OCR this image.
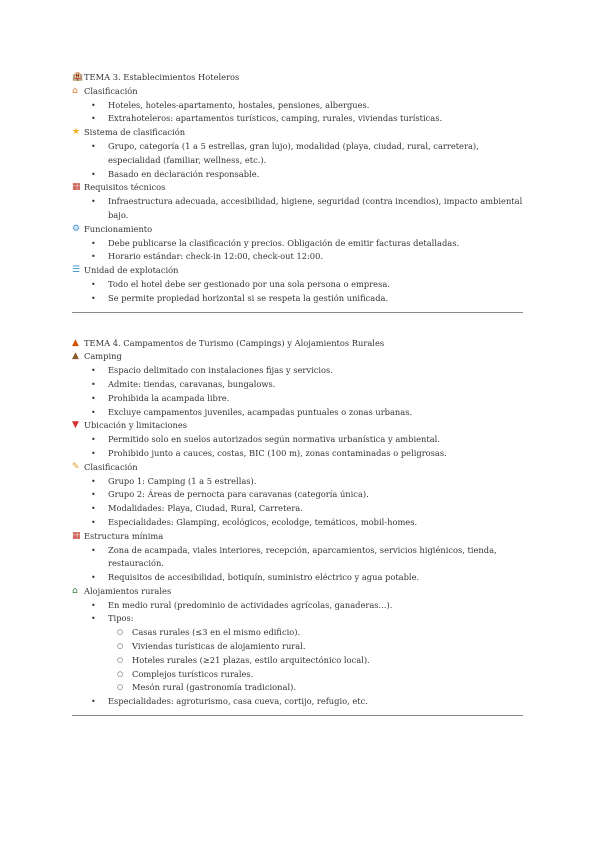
🏨 TEMA 3. Establecimientos Hoteleros
⌂ Clasificación
• Hoteles, hoteles-apartamento, hostales, pensiones, albergues.
• Extrahoteleros: apartamentos turísticos, camping, rurales, viviendas turísticas.
★ Sistema de clasificación
• Grupo, categoría (1 a 5 estrellas, gran lujo), modalidad (playa, ciudad, rural, carretera), especialidad (familiar, wellness, etc.).
• Basado en declaración responsable.
▦ Requisitos técnicos
• Infraestructura adecuada, accesibilidad, higiene, seguridad (contra incendios), impacto ambiental bajo.
⚙ Funcionamiento
• Debe publicarse la clasificación y precios. Obligación de emitir facturas detalladas.
• Horario estándar: check-in 12:00, check-out 12:00.
☰ Unidad de explotación
• Todo el hotel debe ser gestionado por una sola persona o empresa.
• Se permite propiedad horizontal si se respeta la gestión unificada.
▲ TEMA 4. Campamentos de Turismo (Campings) y Alojamientos Rurales
▲ Camping
• Espacio delimitado con instalaciones fijas y servicios.
• Admite: tiendas, caravanas, bungalows.
• Prohibida la acampada libre.
• Excluye campamentos juveniles, acampadas puntuales o zonas urbanas.
▼ Ubicación y limitaciones
• Permitido solo en suelos autorizados según normativa urbanística y ambiental.
• Prohibido junto a cauces, costas, BIC (100 m), zonas contaminadas o peligrosas.
✎ Clasificación
• Grupo 1: Camping (1 a 5 estrellas).
• Grupo 2: Áreas de pernocta para caravanas (categoría única).
• Modalidades: Playa, Ciudad, Rural, Carretera.
• Especialidades: Glamping, ecológicos, ecolodge, temáticos, mobil-homes.
▦ Estructura mínima
• Zona de acampada, viales interiores, recepción, aparcamientos, servicios higiénicos, tienda, restauración.
• Requisitos de accesibilidad, botiquín, suministro eléctrico y agua potable.
⌂ Alojamientos rurales
• En medio rural (predominio de actividades agrícolas, ganaderas...).
• Tipos:
○ Casas rurales (≤3 en el mismo edificio).
○ Viviendas turísticas de alojamiento rural.
○ Hoteles rurales (≥21 plazas, estilo arquitectónico local).
○ Complejos turísticos rurales.
○ Mesón rural (gastronomía tradicional).
• Especialidades: agroturismo, casa cueva, cortijo, refugio, etc.
